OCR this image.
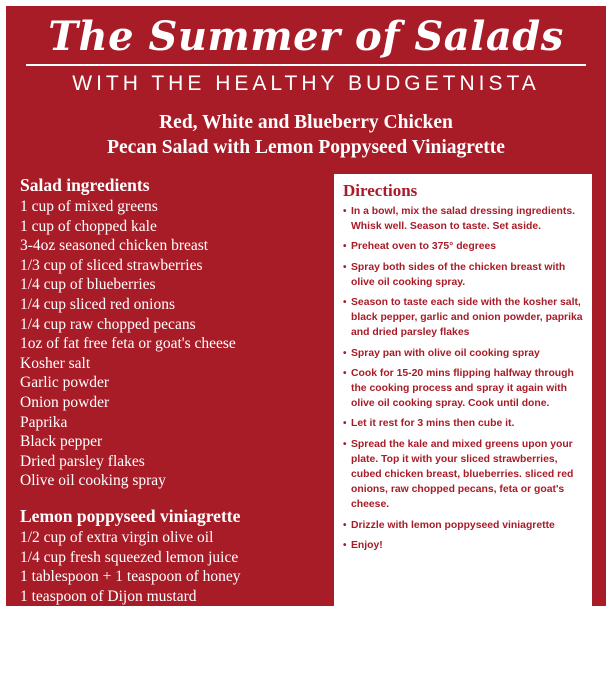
The Summer of Salads
WITH THE HEALTHY BUDGETNISTA
Red, White and Blueberry Chicken
Pecan Salad with Lemon Poppyseed Viniagrette
Salad ingredients
1 cup of mixed greens
1 cup of chopped kale
3-4oz seasoned chicken breast
1/3 cup of sliced strawberries
1/4 cup of blueberries
1/4 cup sliced red onions
1/4 cup raw chopped pecans
1oz of fat free feta or goat's cheese
Kosher salt
Garlic powder
Onion powder
Paprika
Black pepper
Dried parsley flakes
Olive oil cooking spray
Lemon poppyseed viniagrette
1/2 cup of extra virgin olive oil
1/4 cup fresh squeezed lemon juice
1 tablespoon + 1 teaspoon of honey
1 teaspoon of Dijon mustard
1 teaspoon of minced garlic
1 teaspoon of Poppy seeds
Salt and pepper to taste
Directions
• In a bowl, mix the salad dressing ingredients. Whisk well. Season to taste. Set aside.
• Preheat oven to 375° degrees
• Spray both sides of the chicken breast with olive oil cooking spray.
• Season to taste each side with the kosher salt, black pepper, garlic and onion powder, paprika and dried parsley flakes
• Spray pan with olive oil cooking spray
• Cook for 15-20 mins flipping halfway through the cooking process and spray it again with olive oil cooking spray. Cook until done.
• Let it rest for 3 mins then cube it.
• Spread the kale and mixed greens upon your plate. Top it with your sliced strawberries, cubed chicken breast, blueberries. sliced red onions, raw chopped pecans, feta or goat's cheese.
• Drizzle with lemon poppyseed viniagrette
• Enjoy!
www.fitandfinallyfree.com
